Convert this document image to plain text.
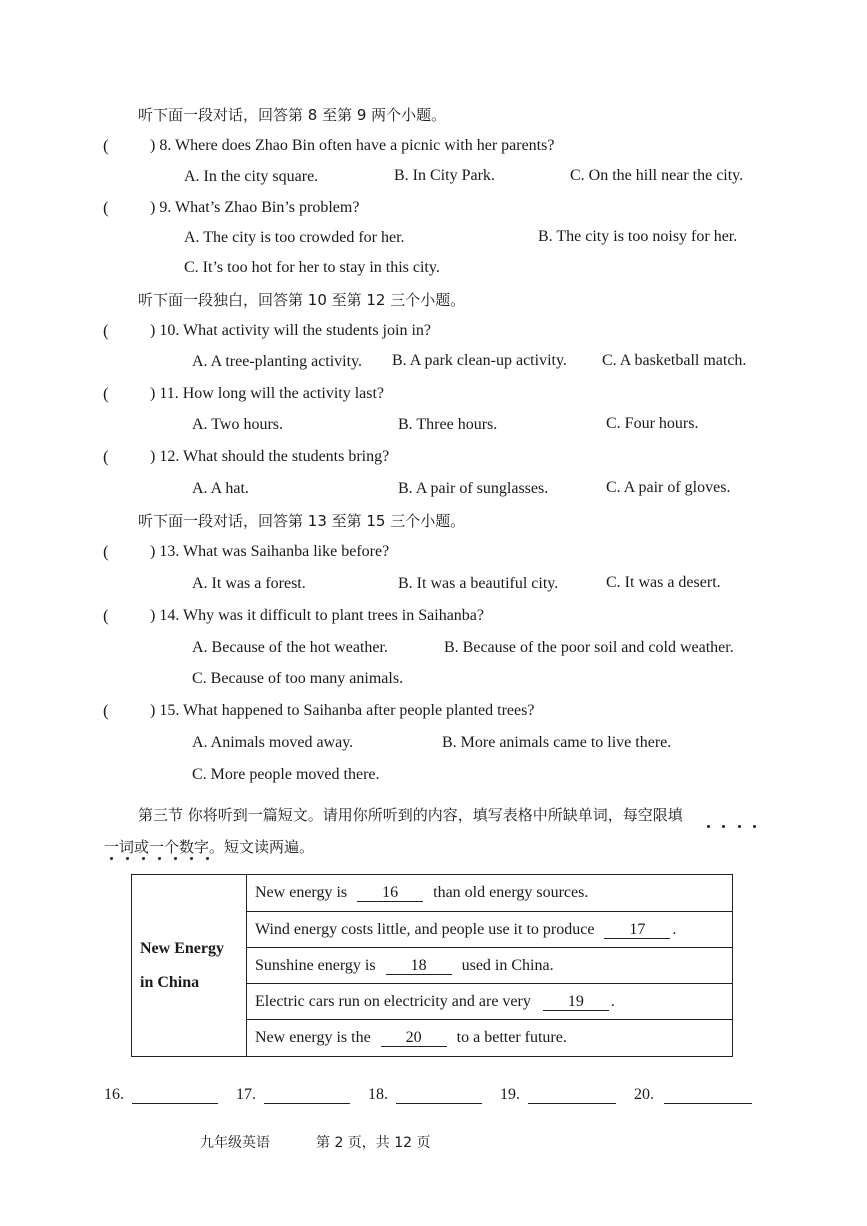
听下面一段对话，回答第 8 至第 9 两个小题。
(	) 8. Where does Zhao Bin often have a picnic with her parents?
A. In the city square.	B. In City Park.	C. On the hill near the city.
(	) 9. What’s Zhao Bin’s problem?
A. The city is too crowded for her.	B. The city is too noisy for her.
C. It’s too hot for her to stay in this city.
听下面一段独白，回答第 10 至第 12 三个小题。
(	) 10. What activity will the students join in?
A. A tree-planting activity. B. A park clean-up activity. C. A basketball match.
(	) 11. How long will the activity last?
A. Two hours.	B. Three hours.	C. Four hours.
(	) 12. What should the students bring?
A. A hat.	B. A pair of sunglasses.	C. A pair of gloves.
听下面一段对话，回答第 13 至第 15 三个小题。
(	) 13. What was Saihanba like before?
A. It was a forest.	B. It was a beautiful city.	C. It was a desert.
(	) 14. Why was it difficult to plant trees in Saihanba?
A. Because of the hot weather.	B. Because of the poor soil and cold weather.
C. Because of too many animals.
(	) 15. What happened to Saihanba after people planted trees?
A. Animals moved away.	B. More animals came to live there.
C. More people moved there.
第三节 你将听到一篇短文。请用你所听到的内容，填写表格中所缺单词，每空限填
一词或一个数字。短文读两遍。
New Energy
in China
	New energy is 16 than old energy sources.
Wind energy costs little, and people use it to produce 17 .
Sunshine energy is 18 used in China.
Electric cars run on electricity and are very 19 .
New energy is the 20 to a better future.
16.	17.	18.	19.	20.
九年级英语	第 2 页，共 12 页
